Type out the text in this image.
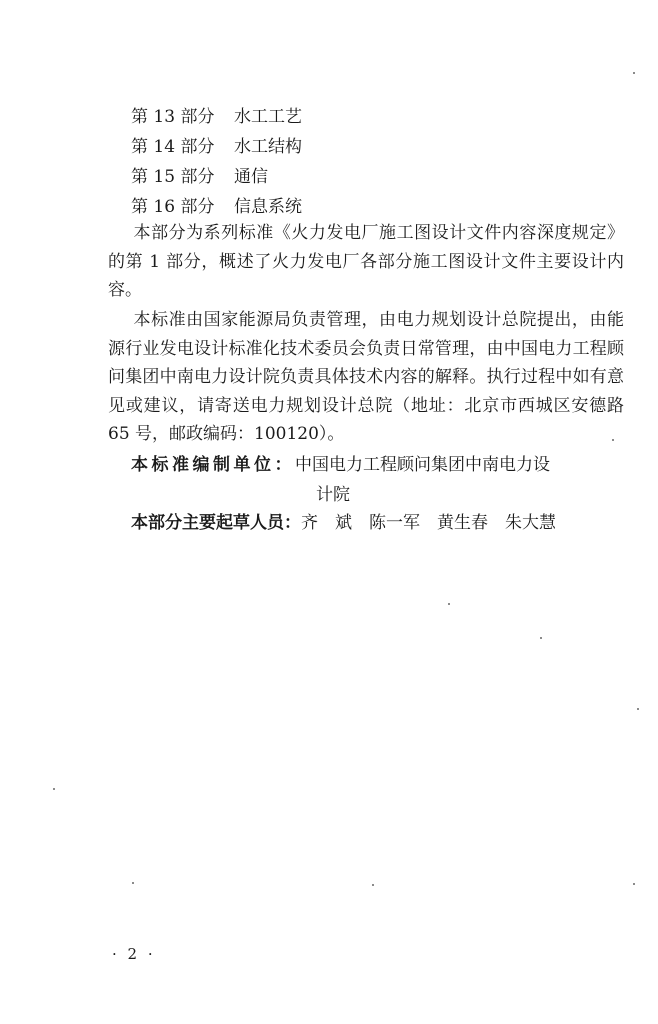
第 13 部分 水工工艺
第 14 部分 水工结构
第 15 部分 通信
第 16 部分 信息系统

本部分为系列标准《火力发电厂施工图设计文件内容深度规定》的第 1 部分，概述了火力发电厂各部分施工图设计文件主要设计内容。

本标准由国家能源局负责管理，由电力规划设计总院提出，由能源行业发电设计标准化技术委员会负责日常管理，由中国电力工程顾问集团中南电力设计院负责具体技术内容的解释。执行过程中如有意见或建议，请寄送电力规划设计总院（地址：北京市西城区安德路 65 号，邮政编码：100120）。

本标准编制单位：中国电力工程顾问集团中南电力设
计院
本部分主要起草人员：齐　斌　陈一军　黄生春　朱大慧
· 2 ·
